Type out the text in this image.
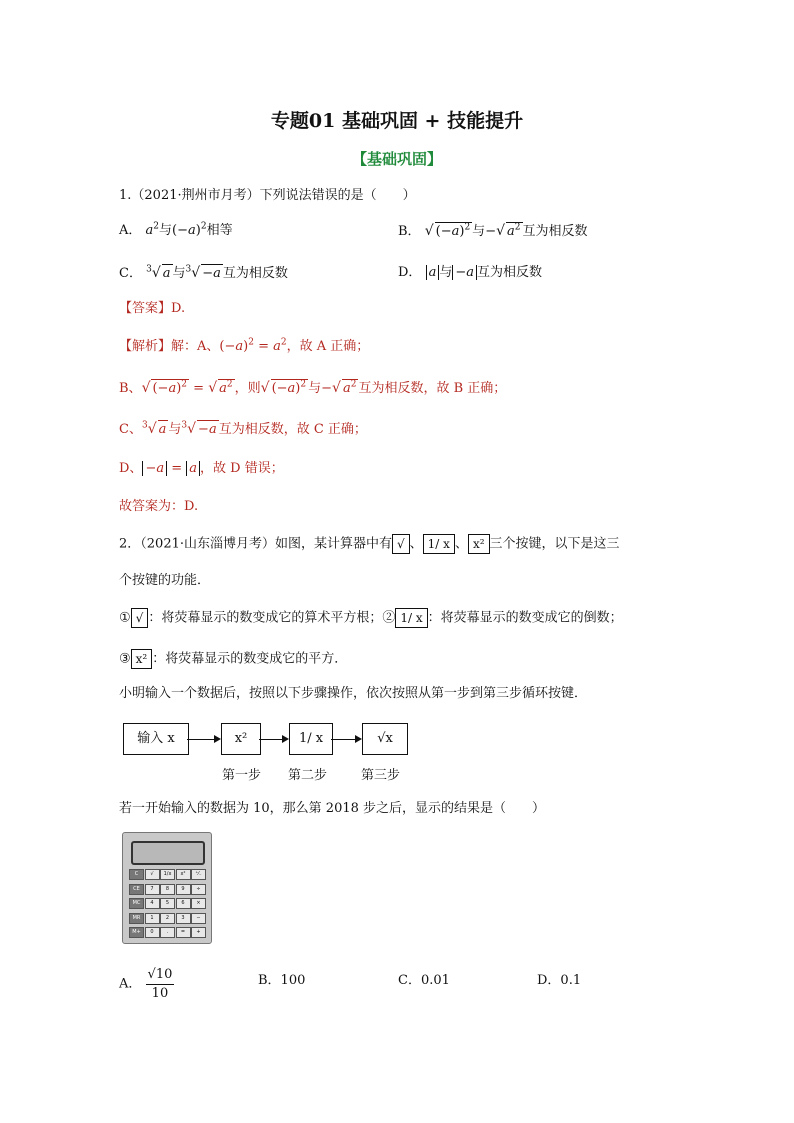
专题01 基础巩固 + 技能提升
【基础巩固】
1.（2021·荆州市月考）下列说法错误的是（　　）
A． $a^2$与$(-a)^2$相等	B． √ $(-a)^2$ 与−√ $a^2$ 互为相反数
C． $^3$√ a 与$^3$√ −a 互为相反数	D． a 与 −a 互为相反数
【答案】D.
【解析】解：A、$(-a)^2 = a^2$，故 A 正确；
B、√ $(-a)^2$ = √ $a^2$ ，则√ $(-a)^2$ 与−√ $a^2$ 互为相反数，故 B 正确；
C、$^3$√ a 与$^3$√ −a 互为相反数，故 C 正确；
D、 −a = a ，故 D 错误；
故答案为：D.
2．（2021·山东淄博月考）如图，某计算器中有 √ 、 1/ x 、 x² 三个按键，以下是这三
个按键的功能．
① √ ：将荧幕显示的数变成它的算术平方根；② 1/ x ：将荧幕显示的数变成它的倒数；
③ x² ：将荧幕显示的数变成它的平方．
小明输入一个数据后，按照以下步骤操作，依次按照从第一步到第三步循环按键．
输入 x	x²	1/ x	√x
第一步 第二步	第三步
若一开始输入的数据为 10，那么第 2018 步之后，显示的结果是（　　）
C	√	1/x	x²	⁺⁄₋
CE	7	8	9	÷
MC	4	5	6	×
MR	1	2	3	−
M+	0	.	=	+
A． $\frac{√10}{10}$	B．100	C．0.01	D．0.1
